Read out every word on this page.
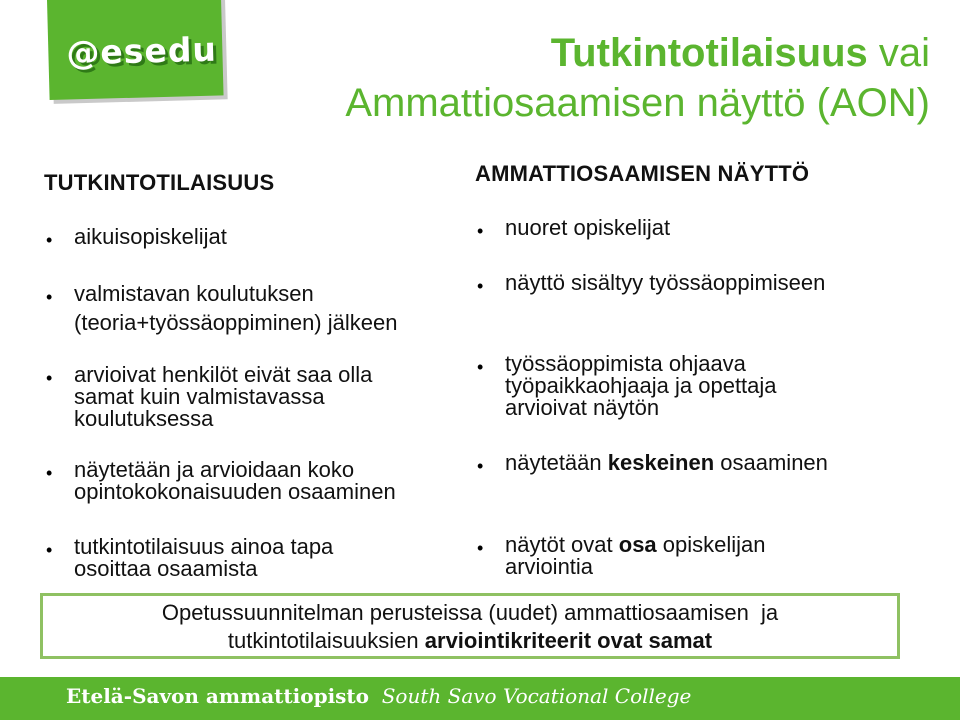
@esedu	Tutkintotilaisuus vai
Ammattiosaamisen näyttö (AON)
TUTKINTOTILAISUUS
• aikuisopiskelijat
• valmistavan koulutuksen (teoria+työssäoppiminen) jälkeen
• arvioivat henkilöt eivät saa olla samat kuin valmistavassa koulutuksessa
• näytetään ja arvioidaan koko opintokokonaisuuden osaaminen
• tutkintotilaisuus ainoa tapa osoittaa osaamista
AMMATTIOSAAMISEN NÄYTTÖ
• nuoret opiskelijat
• näyttö sisältyy työssäoppimiseen
• työssäoppimista ohjaava työpaikkaohjaaja ja opettaja arvioivat näytön
• näytetään keskeinen osaaminen
• näytöt ovat osa opiskelijan arviointia
Opetussuunnitelman perusteissa (uudet) ammattiosaamisen  ja
tutkintotilaisuuksien arviointikriteerit ovat samat
Etelä-Savon ammattiopisto South Savo Vocational College
